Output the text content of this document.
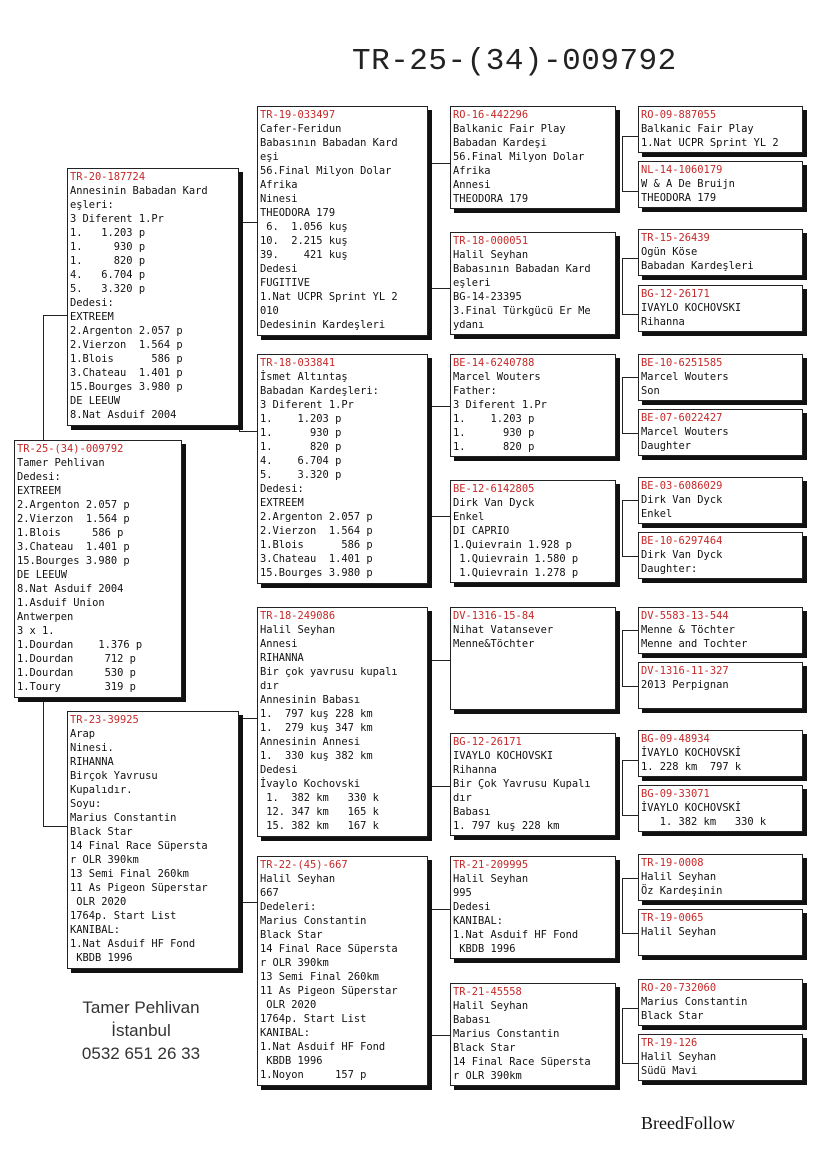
TR-25-(34)-009792
TR-25-(34)-009792
Tamer Pehlivan
Dedesi:
EXTREEM
2.Argenton 2.057 p
2.Vierzon  1.564 p
1.Blois     586 p
3.Chateau  1.401 p
15.Bourges 3.980 p
DE LEEUW
8.Nat Asduif 2004
1.Asduif Union
Antwerpen
3 x 1.
1.Dourdan    1.376 p
1.Dourdan     712 p
1.Dourdan     530 p
1.Toury       319 p
TR-20-187724
Annesinin Babadan Kard
eşleri:
3 Diferent 1.Pr
1.   1.203 p
1.     930 p
1.     820 p
4.   6.704 p
5.   3.320 p
Dedesi:
EXTREEM
2.Argenton 2.057 p
2.Vierzon  1.564 p
1.Blois      586 p
3.Chateau  1.401 p
15.Bourges 3.980 p
DE LEEUW
8.Nat Asduif 2004
TR-23-39925
Arap
Ninesi.
RIHANNA
Birçok Yavrusu
Kupalıdır.
Soyu:
Marius Constantin
Black Star
14 Final Race Süpersta
r OLR 390km
13 Semi Final 260km
11 As Pigeon Süperstar
OLR 2020
1764p. Start List
KANIBAL:
1.Nat Asduif HF Fond
KBDB 1996
TR-19-033497
Cafer-Feridun
Babasının Babadan Kard
eşi
56.Final Milyon Dolar
Afrika
Ninesi
THEODORA 179
6.  1.056 kuş
10.  2.215 kuş
39.    421 kuş
Dedesi
FUGITIVE
1.Nat UCPR Sprint YL 2
010
Dedesinin Kardeşleri
TR-18-033841
İsmet Altıntaş
Babadan Kardeşleri:
3 Diferent 1.Pr
1.    1.203 p
1.      930 p
1.      820 p
4.    6.704 p
5.    3.320 p
Dedesi:
EXTREEM
2.Argenton 2.057 p
2.Vierzon  1.564 p
1.Blois      586 p
3.Chateau  1.401 p
15.Bourges 3.980 p
TR-18-249086
Halil Seyhan
Annesi
RIHANNA
Bir çok yavrusu kupalı
dır
Annesinin Babası
1.  797 kuş 228 km
1.  279 kuş 347 km
Annesinin Annesi
1.  330 kuş 382 km
Dedesi
İvaylo Kochovski
1.  382 km   330 k
12. 347 km   165 k
15. 382 km   167 k
TR-22-(45)-667
Halil Seyhan
667
Dedeleri:
Marius Constantin
Black Star
14 Final Race Süpersta
r OLR 390km
13 Semi Final 260km
11 As Pigeon Süperstar
OLR 2020
1764p. Start List
KANIBAL:
1.Nat Asduif HF Fond
KBDB 1996
1.Noyon     157 p
RO-16-442296
Balkanic Fair Play
Babadan Kardeşi
56.Final Milyon Dolar
Afrika
Annesi
THEODORA 179
TR-18-000051
Halil Seyhan
Babasının Babadan Kard
eşleri
BG-14-23395
3.Final Türkgücü Er Me
ydanı
BE-14-6240788
Marcel Wouters
Father:
3 Diferent 1.Pr
1.    1.203 p
1.      930 p
1.      820 p
BE-12-6142805
Dirk Van Dyck
Enkel
DI CAPRIO
1.Quievrain 1.928 p
1.Quievrain 1.580 p
1.Quievrain 1.278 p
DV-1316-15-84
Nihat Vatansever
Menne&Töchter
BG-12-26171
IVAYLO KOCHOVSKI
Rihanna
Bir Çok Yavrusu Kupalı
dır
Babası
1. 797 kuş 228 km
TR-21-209995
Halil Seyhan
995
Dedesi
KANIBAL:
1.Nat Asduif HF Fond
KBDB 1996
TR-21-45558
Halil Seyhan
Babası
Marius Constantin
Black Star
14 Final Race Süpersta
r OLR 390km
RO-09-887055
Balkanic Fair Play
1.Nat UCPR Sprint YL 2
NL-14-1060179
W & A De Bruijn
THEODORA 179
TR-15-26439
Ogün Köse
Babadan Kardeşleri
BG-12-26171
IVAYLO KOCHOVSKI
Rihanna
BE-10-6251585
Marcel Wouters
Son
BE-07-6022427
Marcel Wouters
Daughter
BE-03-6086029
Dirk Van Dyck
Enkel
BE-10-6297464
Dirk Van Dyck
Daughter:
DV-5583-13-544
Menne & Töchter
Menne and Tochter
DV-1316-11-327
2013 Perpignan
BG-09-48934
İVAYLO KOCHOVSKİ
1. 228 km  797 k
BG-09-33071
İVAYLO KOCHOVSKİ
1. 382 km   330 k
TR-19-0008
Halil Seyhan
Öz Kardeşinin
TR-19-0065
Halil Seyhan
RO-20-732060
Marius Constantin
Black Star
TR-19-126
Halil Seyhan
Südü Mavi
Tamer Pehlivan
İstanbul
0532 651 26 33
BreedFollow
